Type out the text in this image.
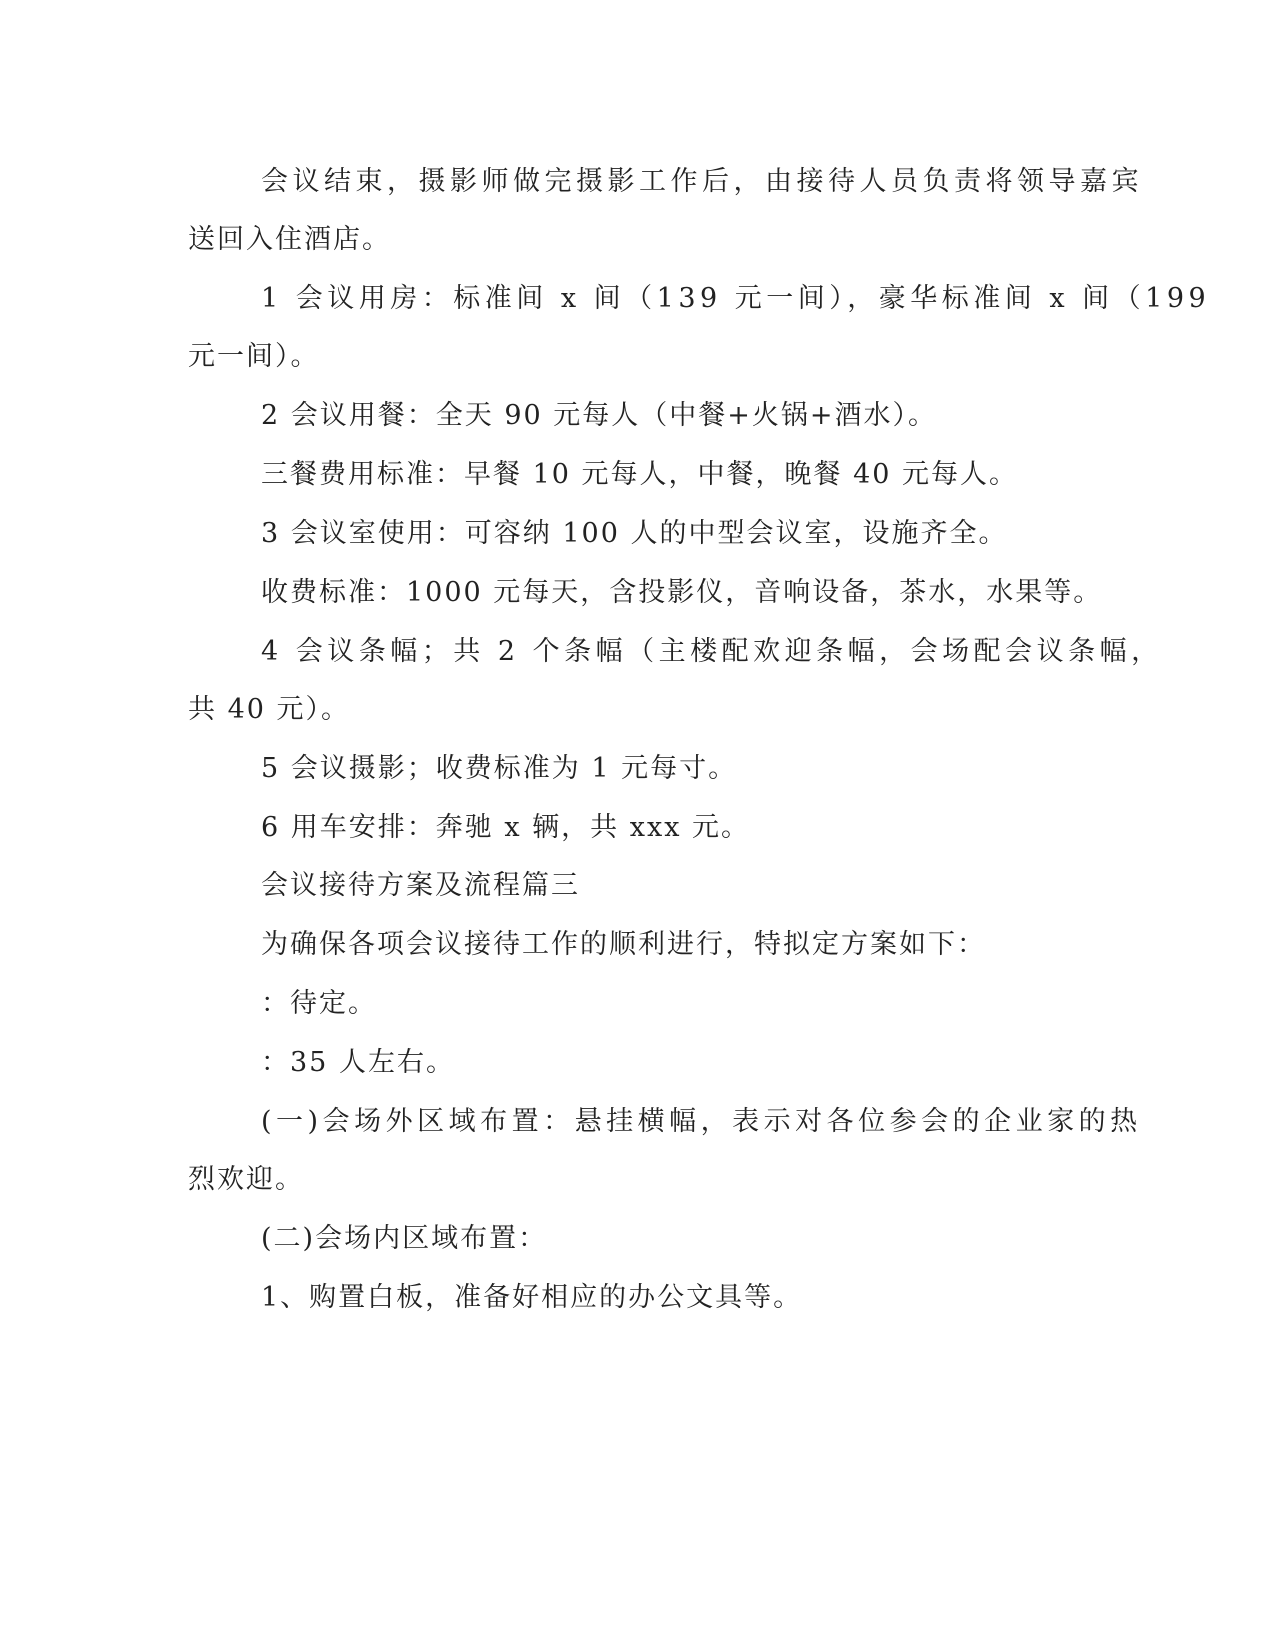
会议结束，摄影师做完摄影工作后，由接待人员负责将领导嘉宾
送回入住酒店。
1 会议用房：标准间 x 间（139 元一间），豪华标准间 x 间（199
元一间）。
2 会议用餐：全天 90 元每人（中餐+火锅+酒水）。
三餐费用标准：早餐 10 元每人，中餐，晚餐 40 元每人。
3 会议室使用：可容纳 100 人的中型会议室，设施齐全。
收费标准：1000 元每天，含投影仪，音响设备，茶水，水果等。
4 会议条幅；共 2 个条幅（主楼配欢迎条幅，会场配会议条幅，
共 40 元）。
5 会议摄影；收费标准为 1 元每寸。
6 用车安排：奔驰 x 辆，共 xxx 元。
会议接待方案及流程篇三
为确保各项会议接待工作的顺利进行，特拟定方案如下：
：待定。
：35 人左右。
(一)会场外区域布置：悬挂横幅，表示对各位参会的企业家的热
烈欢迎。
(二)会场内区域布置：
1、购置白板，准备好相应的办公文具等。
